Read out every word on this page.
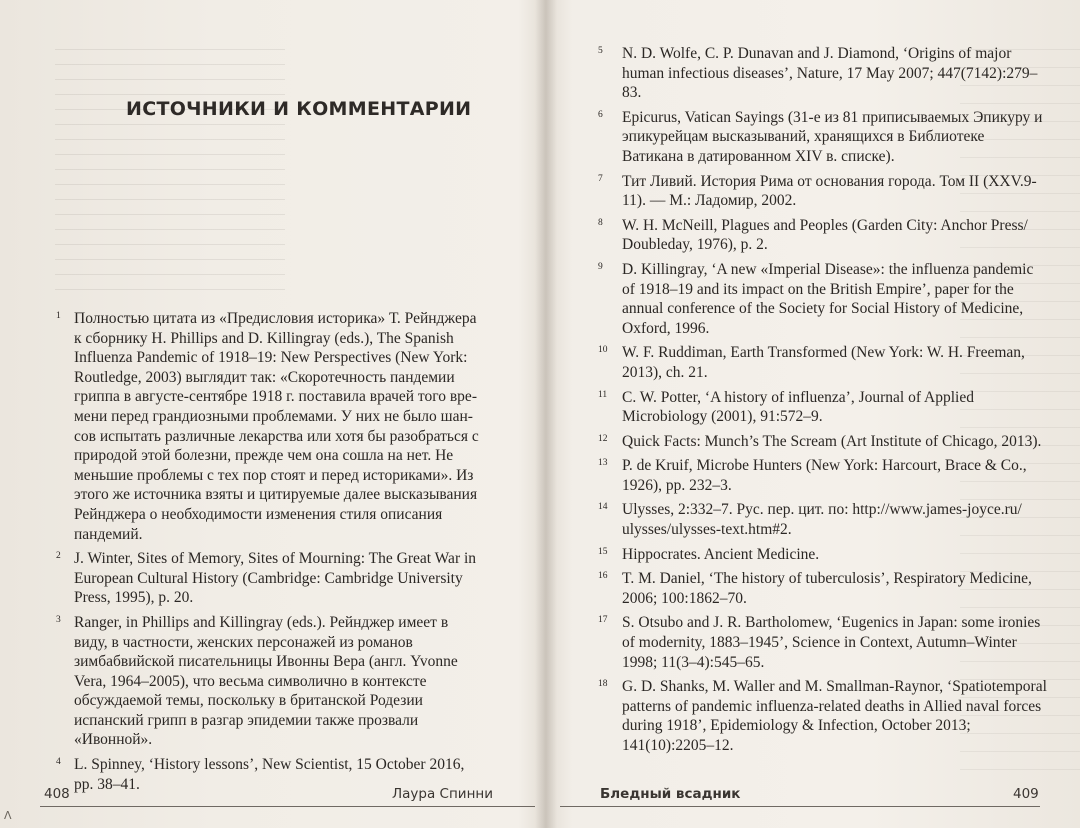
ИСТОЧНИКИ И КОММЕНТАРИИ

1 Полностью цитата из «Предисловия историка» Т. Рейнджера к сборнику H. Phillips and D. Killingray (eds.), The Spanish Influenza Pandemic of 1918–19: New Perspectives (New York: Routledge, 2003) выглядит так: «Скоротечность пандемии гриппа в августе-сентябре 1918 г. поставила врачей того времени перед грандиозными проблемами. У них не было шансов испытать различные лекарства или хотя бы разобраться с природой этой болезни, прежде чем она сошла на нет. Не меньшие проблемы с тех пор стоят и перед историками». Из этого же источника взяты и цитируемые далее высказывания Рейнджера о необходимости изменения стиля описания пандемий.

2 J. Winter, Sites of Memory, Sites of Mourning: The Great War in European Cultural History (Cambridge: Cambridge University Press, 1995), p. 20.

3 Ranger, in Phillips and Killingray (eds.). Рейнджер имеет в виду, в частности, женских персонажей из романов зимбабвийской писательницы Ивонны Вера (англ. Yvonne Vera, 1964–2005), что весьма символично в контексте обсуждаемой темы, поскольку в британской Родезии испанский грипп в разгар эпидемии также прозвали «Ивонной».

4 L. Spinney, ‘History lessons’, New Scientist, 15 October 2016, pp. 38–41.

5 N. D. Wolfe, C. P. Dunavan and J. Diamond, ‘Origins of major human infectious diseases’, Nature, 17 May 2007; 447(7142):279–83.

6 Epicurus, Vatican Sayings (31-е из 81 приписываемых Эпикуру и эпикурейцам высказываний, хранящихся в Библиотеке Ватикана в датированном XIV в. списке).

7 Тит Ливий. История Рима от основания города. Том II (XXV.9-11). — М.: Ладомир, 2002.

8 W. H. McNeill, Plagues and Peoples (Garden City: Anchor Press/ Doubleday, 1976), p. 2.

9 D. Killingray, ‘A new «Imperial Disease»: the influenza pandemic of 1918–19 and its impact on the British Empire’, paper for the annual conference of the Society for Social History of Medicine, Oxford, 1996.

10 W. F. Ruddiman, Earth Transformed (New York: W. H. Freeman, 2013), ch. 21.

11 C. W. Potter, ‘A history of influenza’, Journal of Applied Microbiology (2001), 91:572–9.

12 Quick Facts: Munch’s The Scream (Art Institute of Chicago, 2013).

13 P. de Kruif, Microbe Hunters (New York: Harcourt, Brace & Co., 1926), pp. 232–3.

14 Ulysses, 2:332–7. Рус. пер. цит. по: http://www.james-joyce.ru/ ulysses/ulysses-text.htm#2.

15 Hippocrates. Ancient Medicine.

16 T. M. Daniel, ‘The history of tuberculosis’, Respiratory Medicine, 2006; 100:1862–70.

17 S. Otsubo and J. R. Bartholomew, ‘Eugenics in Japan: some ironies of modernity, 1883–1945’, Science in Context, Autumn–Winter 1998; 11(3–4):545–65.

18 G. D. Shanks, M. Waller and M. Smallman-Raynor, ‘Spatiotemporal patterns of pandemic influenza-related deaths in Allied naval forces during 1918’, Epidemiology & Infection, October 2013; 141(10):2205–12.

408	Лаура Спинни	Бледный всадник	409
Λ
